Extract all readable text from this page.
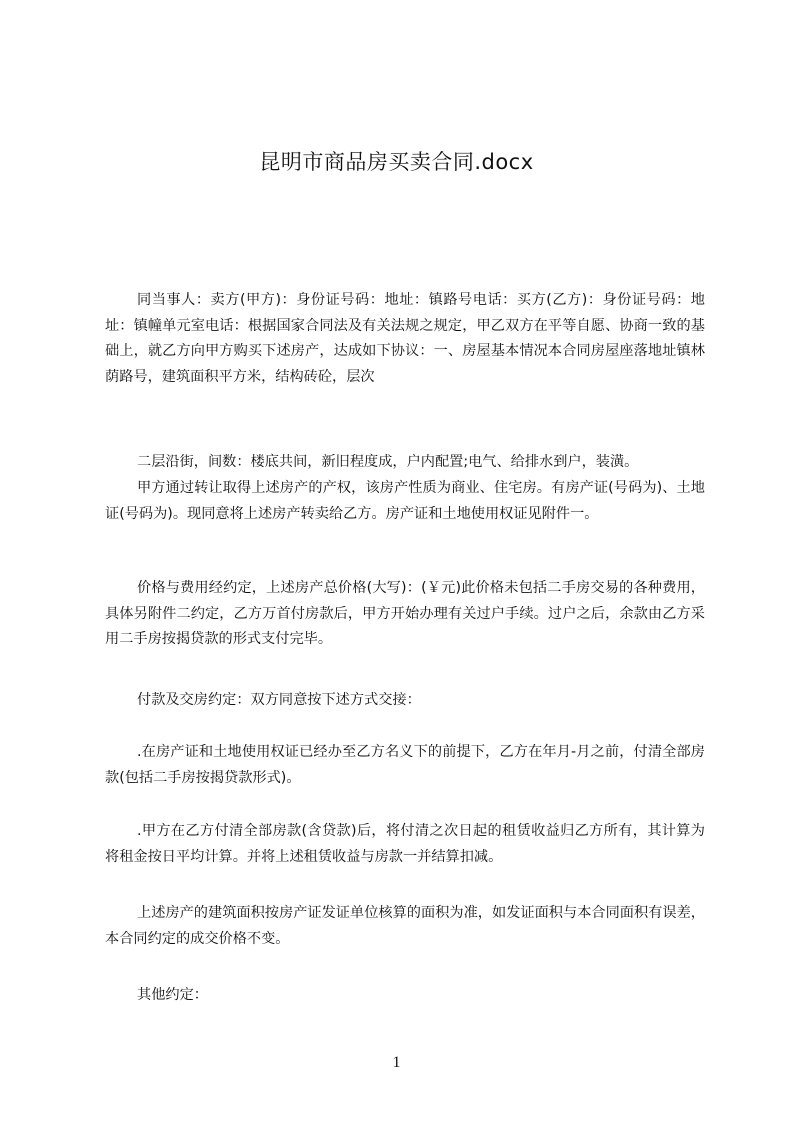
昆明市商品房买卖合同.docx

同当事人：卖方(甲方)：身份证号码：地址：镇路号电话：买方(乙方)：身份证号码：地址：镇幢单元室电话：根据国家合同法及有关法规之规定，甲乙双方在平等自愿、协商一致的基础上，就乙方向甲方购买下述房产，达成如下协议：一、房屋基本情况本合同房屋座落地址镇林荫路号，建筑面积平方米，结构砖砼，层次

二层沿街，间数：楼底共间，新旧程度成，户内配置;电气、给排水到户，装潢。

甲方通过转让取得上述房产的产权，该房产性质为商业、住宅房。有房产证(号码为)、土地证(号码为)。现同意将上述房产转卖给乙方。房产证和土地使用权证见附件一。

价格与费用经约定，上述房产总价格(大写)：(￥元)此价格未包括二手房交易的各种费用，具体另附件二约定，乙方万首付房款后，甲方开始办理有关过户手续。过户之后，余款由乙方采用二手房按揭贷款的形式支付完毕。

付款及交房约定：双方同意按下述方式交接：

.在房产证和土地使用权证已经办至乙方名义下的前提下，乙方在年月-月之前，付清全部房款(包括二手房按揭贷款形式)。

.甲方在乙方付清全部房款(含贷款)后，将付清之次日起的租赁收益归乙方所有，其计算为将租金按日平均计算。并将上述租赁收益与房款一并结算扣减。

上述房产的建筑面积按房产证发证单位核算的面积为准，如发证面积与本合同面积有误差，本合同约定的成交价格不变。

其他约定：

1
